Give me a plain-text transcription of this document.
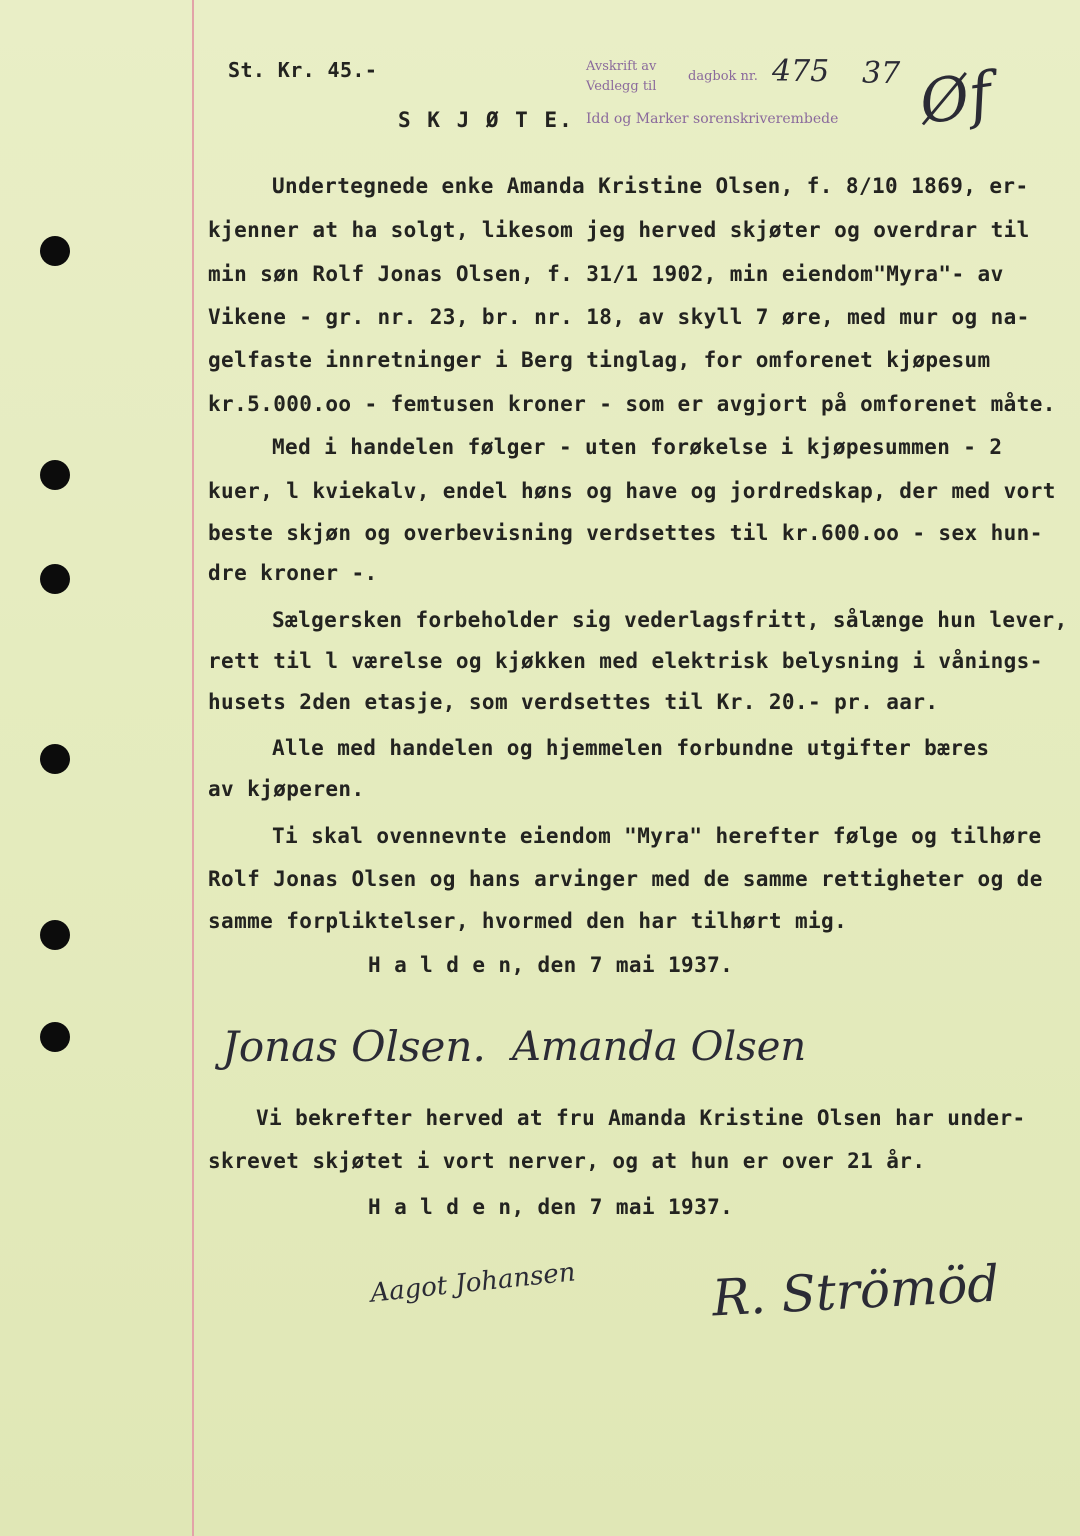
St. Kr. 45.-
S K J Ø T E.
Avskrift av
Vedlegg til
dagbok nr.
Idd og Marker sorenskriverembede
475 37 Øf
Undertegnede enke Amanda Kristine Olsen, f. 8/10 1869, er-
kjenner at ha solgt, likesom jeg herved skjøter og overdrar til
min søn Rolf Jonas Olsen, f. 31/1 1902, min eiendom"Myra"- av
Vikene - gr. nr. 23, br. nr. 18, av skyll 7 øre, med mur og na-
gelfaste innretninger i Berg tinglag, for omforenet kjøpesum
kr.5.000.oo - femtusen kroner - som er avgjort på omforenet måte.
Med i handelen følger - uten forøkelse i kjøpesummen - 2
kuer, l kviekalv, endel høns og have og jordredskap, der med vort
beste skjøn og overbevisning verdsettes til kr.600.oo - sex hun-
dre kroner -.
Sælgersken forbeholder sig vederlagsfritt, sålænge hun lever,
rett til l værelse og kjøkken med elektrisk belysning i vånings-
husets 2den etasje, som verdsettes til Kr. 20.- pr. aar.
Alle med handelen og hjemmelen forbundne utgifter bæres
av kjøperen.
Ti skal ovennevnte eiendom "Myra" herefter følge og tilhøre
Rolf Jonas Olsen og hans arvinger med de samme rettigheter og de
samme forpliktelser, hvormed den har tilhørt mig.
H a l d e n, den 7 mai 1937.
Jonas Olsen. Amanda Olsen
Vi bekrefter herved at fru Amanda Kristine Olsen har under-
skrevet skjøtet i vort nerver, og at hun er over 21 år.
H a l d e n, den 7 mai 1937.
Aagot Johansen	R. Strömöd
